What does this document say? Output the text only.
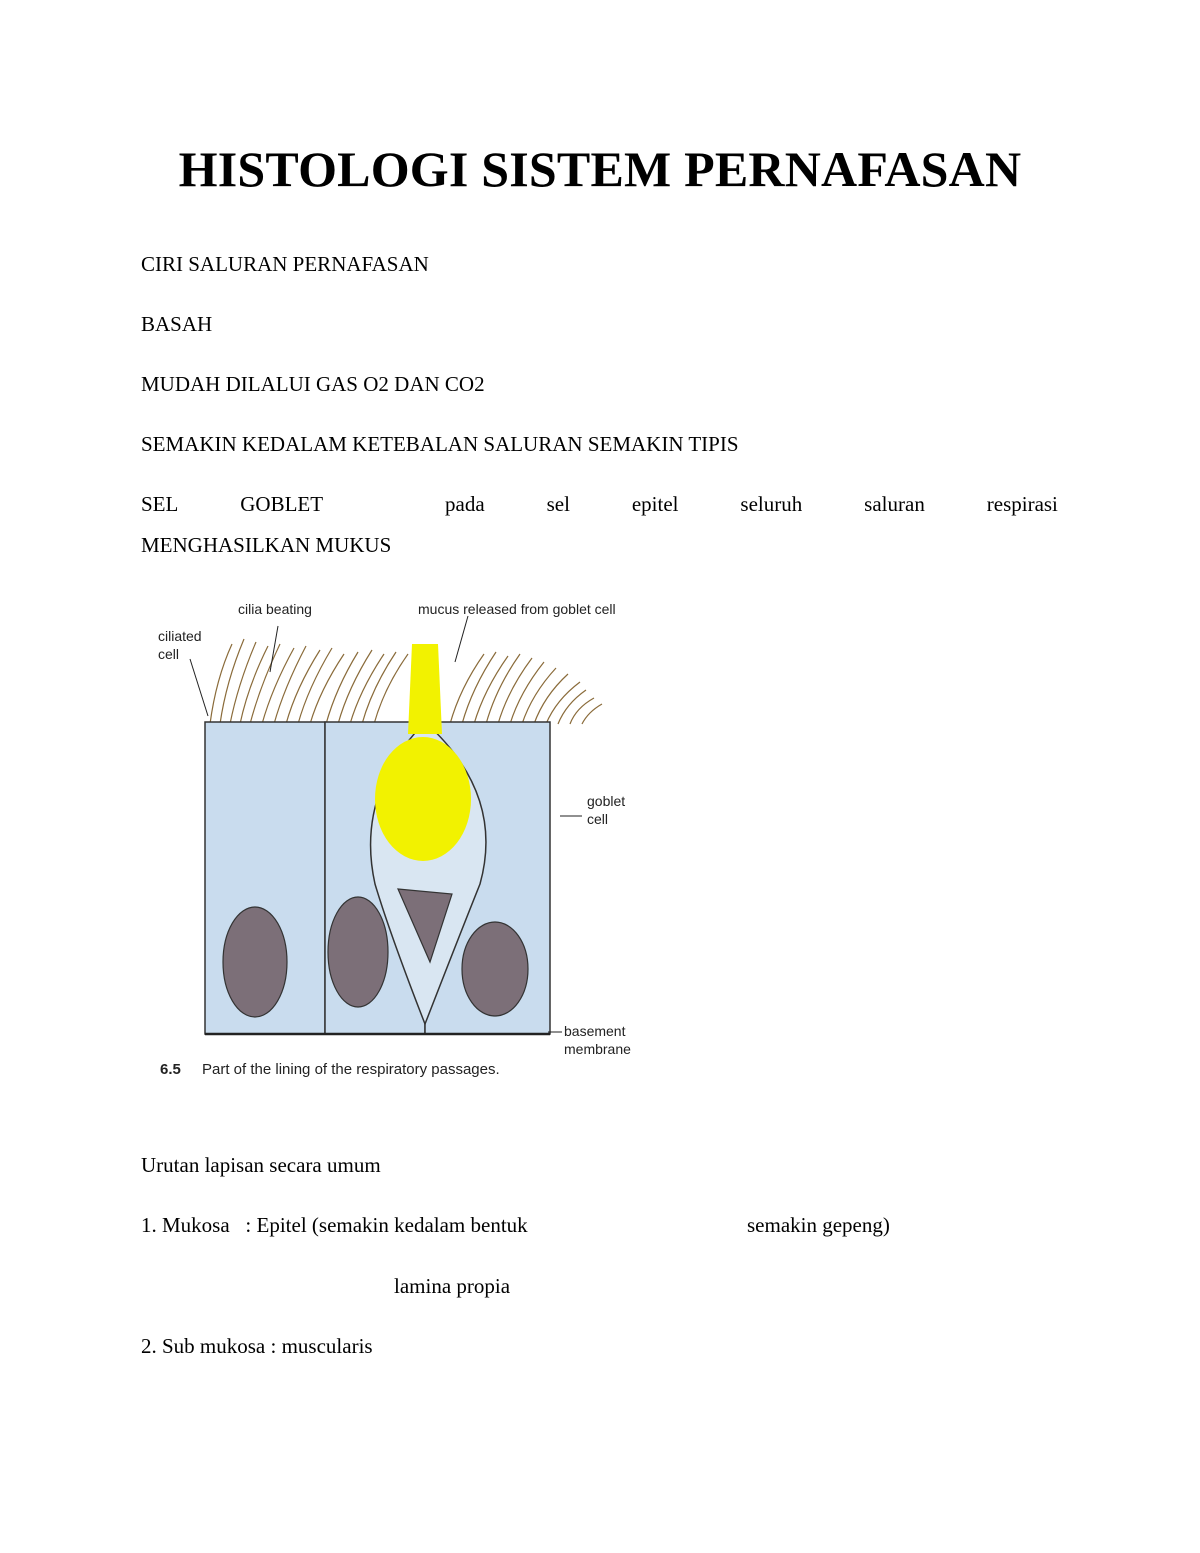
HISTOLOGI SISTEM PERNAFASAN
CIRI SALURAN PERNAFASAN
BASAH
MUDAH DILALUI GAS O2 DAN CO2
SEMAKIN KEDALAM KETEBALAN SALURAN SEMAKIN TIPIS
SEL	GOBLET	pada	sel	epitel	seluruh	saluran	respirasi
MENGHASILKAN MUKUS
cilia beating	mucus released from goblet cell
ciliated
cell
goblet
cell
basement
membrane
6.5 Part of the lining of the respiratory passages.
Urutan lapisan secara umum
1. Mukosa   : Epitel (semakin kedalam bentuk	semakin gepeng)
lamina propia
2. Sub mukosa : muscularis
